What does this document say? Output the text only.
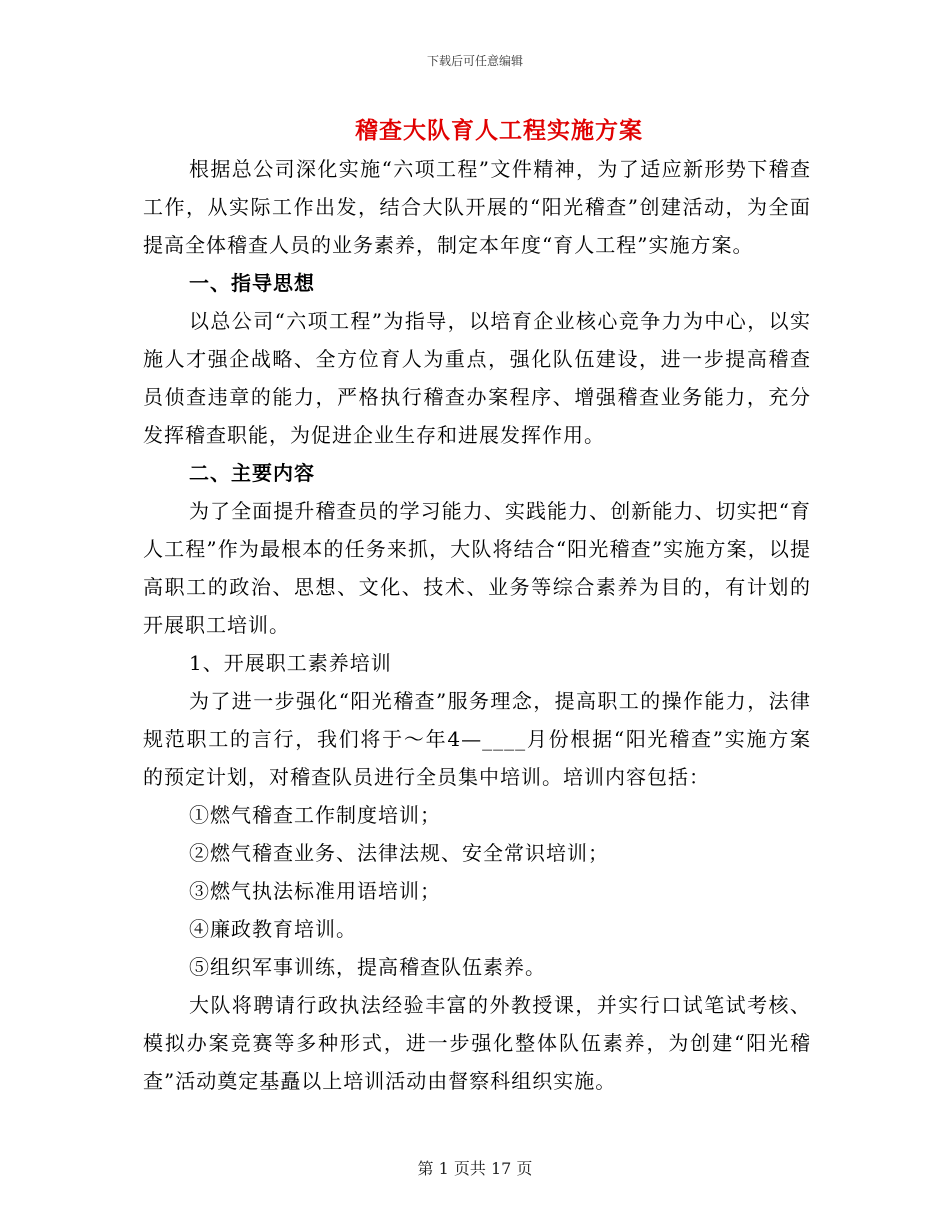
下载后可任意编辑
稽查大队育人工程实施方案

根据总公司深化实施“六项工程”文件精神，为了适应新形势下稽查工作，从实际工作出发，结合大队开展的“阳光稽查”创建活动，为全面提高全体稽查人员的业务素养，制定本年度“育人工程”实施方案。

一、指导思想

以总公司“六项工程”为指导，以培育企业核心竞争力为中心，以实施人才强企战略、全方位育人为重点，强化队伍建设，进一步提高稽查员侦查违章的能力，严格执行稽查办案程序、增强稽查业务能力，充分发挥稽查职能，为促进企业生存和进展发挥作用。

二、主要内容

为了全面提升稽查员的学习能力、实践能力、创新能力、切实把“育人工程”作为最根本的任务来抓，大队将结合“阳光稽查”实施方案，以提高职工的政治、思想、文化、技术、业务等综合素养为目的，有计划的开展职工培训。

1、开展职工素养培训

为了进一步强化“阳光稽查”服务理念，提高职工的操作能力，法律规范职工的言行，我们将于～年4—____月份根据“阳光稽查”实施方案的预定计划，对稽查队员进行全员集中培训。培训内容包括：

①燃气稽查工作制度培训；

②燃气稽查业务、法律法规、安全常识培训；

③燃气执法标准用语培训；

④廉政教育培训。

⑤组织军事训练，提高稽查队伍素养。

大队将聘请行政执法经验丰富的外教授课，并实行口试笔试考核、模拟办案竞赛等多种形式，进一步强化整体队伍素养，为创建“阳光稽查”活动奠定基矗以上培训活动由督察科组织实施。

第 1 页共 17 页
